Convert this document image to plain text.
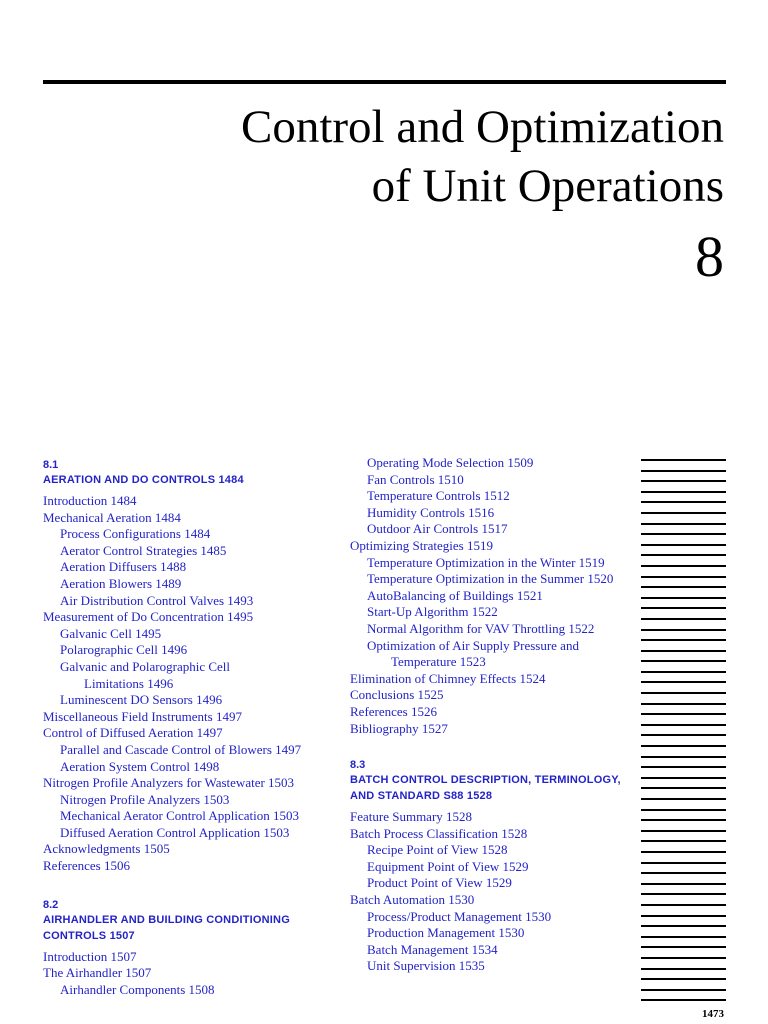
Control and Optimization
of Unit Operations
8
8.1
AERATION AND DO CONTROLS 1484
Introduction 1484
Mechanical Aeration 1484
Process Configurations 1484
Aerator Control Strategies 1485
Aeration Diffusers 1488
Aeration Blowers 1489
Air Distribution Control Valves 1493
Measurement of Do Concentration 1495
Galvanic Cell 1495
Polarographic Cell 1496
Galvanic and Polarographic Cell
Limitations 1496
Luminescent DO Sensors 1496
Miscellaneous Field Instruments 1497
Control of Diffused Aeration 1497
Parallel and Cascade Control of Blowers 1497
Aeration System Control 1498
Nitrogen Profile Analyzers for Wastewater 1503
Nitrogen Profile Analyzers 1503
Mechanical Aerator Control Application 1503
Diffused Aeration Control Application 1503
Acknowledgments 1505
References 1506
8.2
AIRHANDLER AND BUILDING CONDITIONING
CONTROLS 1507
Introduction 1507
The Airhandler 1507
Airhandler Components 1508
Operating Mode Selection 1509
Fan Controls 1510
Temperature Controls 1512
Humidity Controls 1516
Outdoor Air Controls 1517
Optimizing Strategies 1519
Temperature Optimization in the Winter 1519
Temperature Optimization in the Summer 1520
AutoBalancing of Buildings 1521
Start-Up Algorithm 1522
Normal Algorithm for VAV Throttling 1522
Optimization of Air Supply Pressure and
Temperature 1523
Elimination of Chimney Effects 1524
Conclusions 1525
References 1526
Bibliography 1527
8.3
BATCH CONTROL DESCRIPTION, TERMINOLOGY,
AND STANDARD S88 1528
Feature Summary 1528
Batch Process Classification 1528
Recipe Point of View 1528
Equipment Point of View 1529
Product Point of View 1529
Batch Automation 1530
Process/Product Management 1530
Production Management 1530
Batch Management 1534
Unit Supervision 1535
1473
